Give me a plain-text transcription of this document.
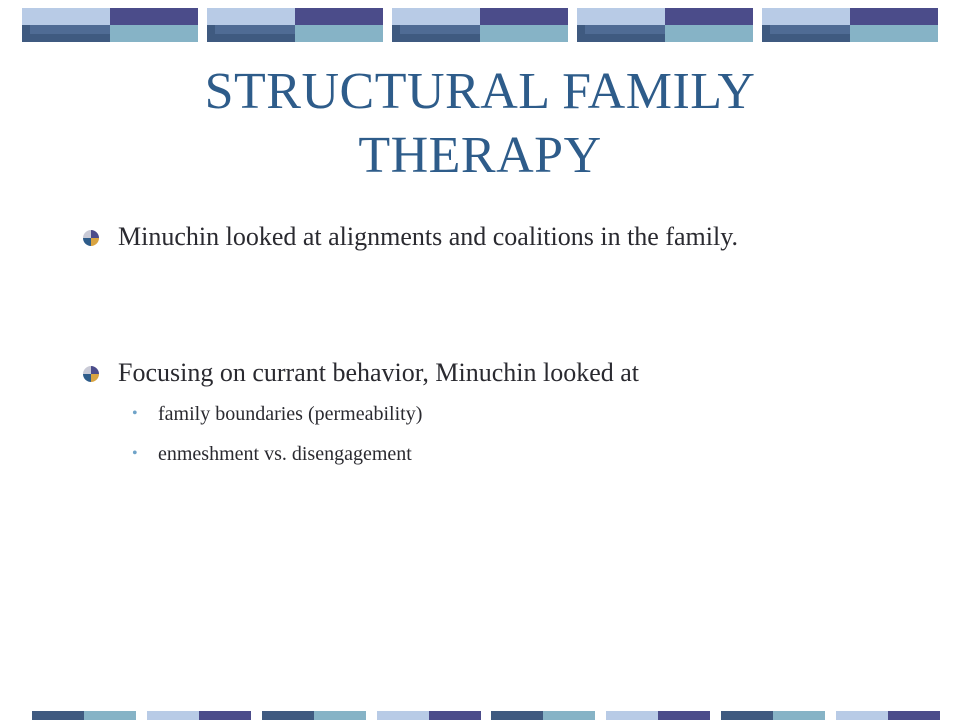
STRUCTURAL FAMILY
THERAPY
Minuchin looked at alignments and coalitions in the family.
Focusing on currant behavior, Minuchin looked at
• family boundaries (permeability)
• enmeshment vs. disengagement
